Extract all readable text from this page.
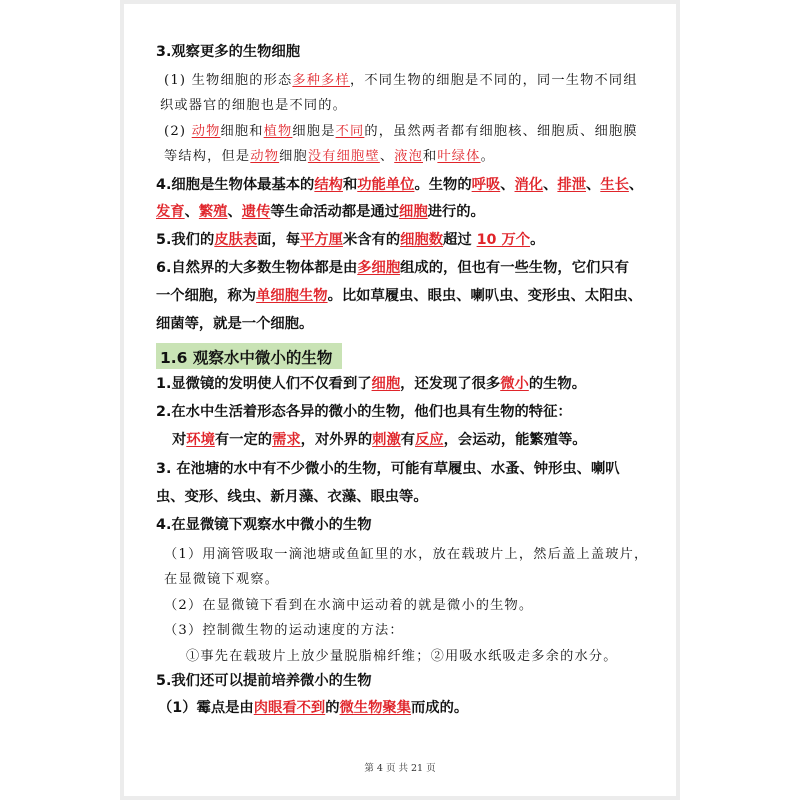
3.观察更多的生物细胞
(1) 生物细胞的形态多种多样，不同生物的细胞是不同的，同一生物不同组
织或器官的细胞也是不同的。
(2) 动物细胞和植物细胞是不同的，虽然两者都有细胞核、细胞质、细胞膜
等结构，但是动物细胞没有细胞壁、液泡和叶绿体。
4.细胞是生物体最基本的结构和功能单位。生物的呼吸、消化、排泄、生长、
发育、繁殖、遗传等生命活动都是通过细胞进行的。
5.我们的皮肤表面，每平方厘米含有的细胞数超过 10 万个。
6.自然界的大多数生物体都是由多细胞组成的，但也有一些生物，它们只有
一个细胞，称为单细胞生物。比如草履虫、眼虫、喇叭虫、变形虫、太阳虫、
细菌等，就是一个细胞。
1.6 观察水中微小的生物
1.显微镜的发明使人们不仅看到了细胞，还发现了很多微小的生物。
2.在水中生活着形态各异的微小的生物，他们也具有生物的特征：
对环境有一定的需求，对外界的刺激有反应，会运动，能繁殖等。
3. 在池塘的水中有不少微小的生物，可能有草履虫、水蚤、钟形虫、喇叭
虫、变形、线虫、新月藻、衣藻、眼虫等。
4.在显微镜下观察水中微小的生物
（1）用滴管吸取一滴池塘或鱼缸里的水，放在载玻片上，然后盖上盖玻片，
在显微镜下观察。
（2）在显微镜下看到在水滴中运动着的就是微小的生物。
（3）控制微生物的运动速度的方法：
①事先在载玻片上放少量脱脂棉纤维；②用吸水纸吸走多余的水分。
5.我们还可以提前培养微小的生物
（1）霉点是由肉眼看不到的微生物聚集而成的。
第 4 页 共 21 页
